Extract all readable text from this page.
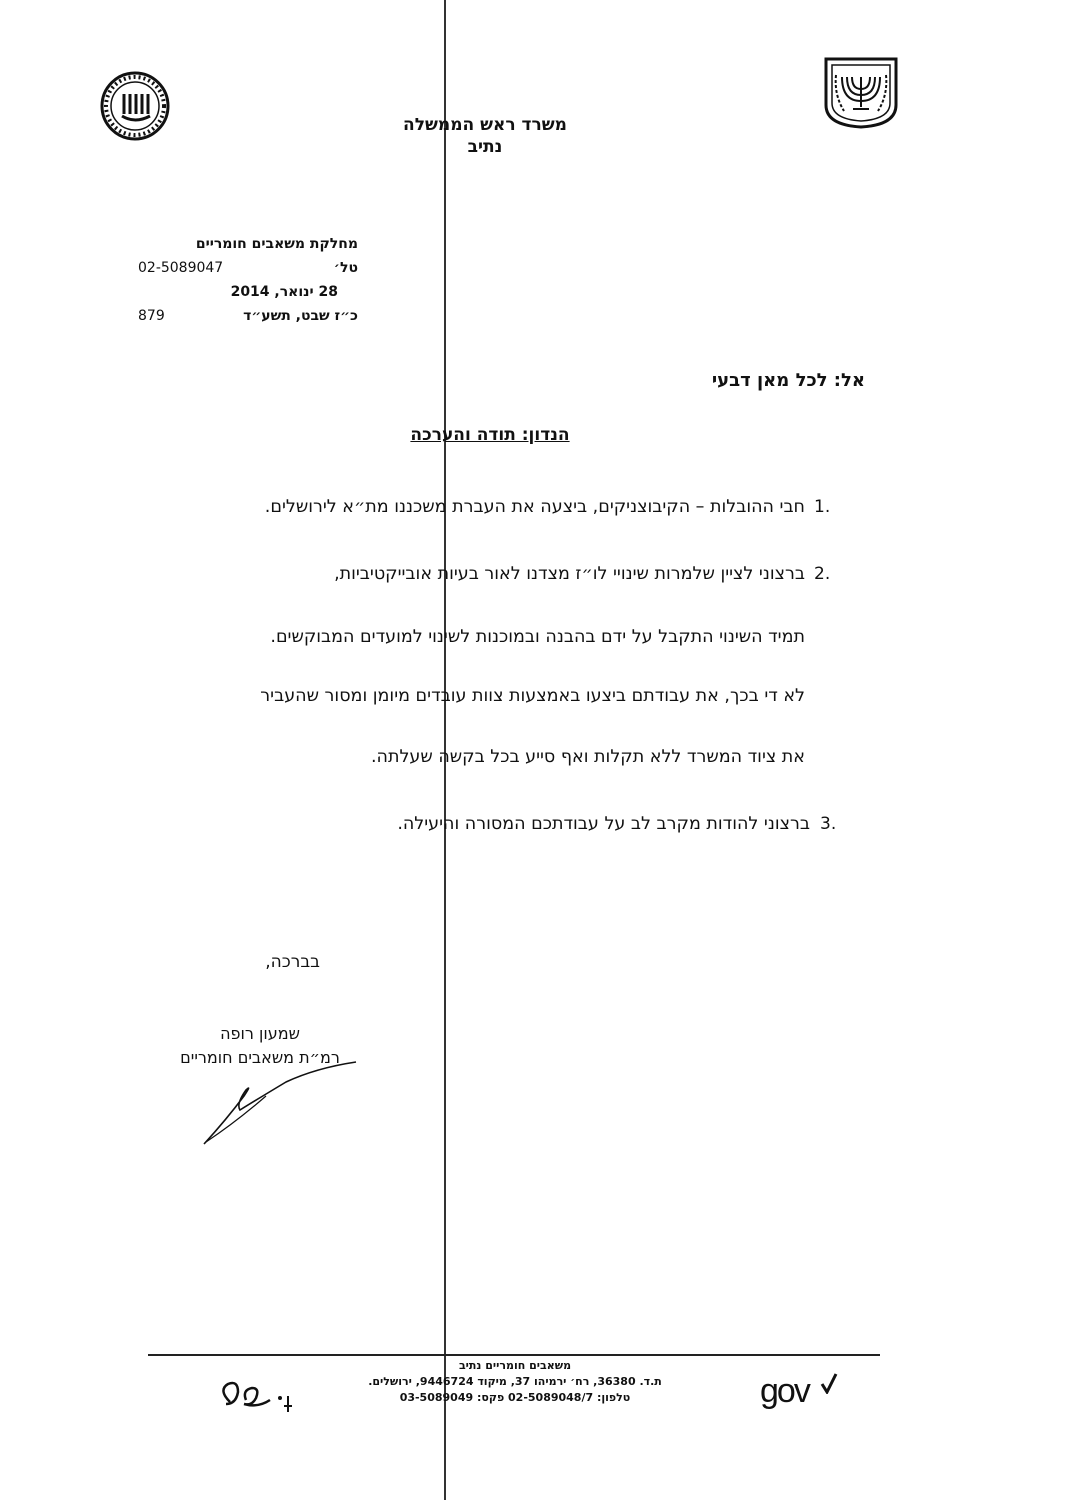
משרד ראש הממשלה
נתיב
מחלקת משאבים חומריים
טל׳
02-5089047
28 ינואר, 2014
כ״ז שבט, תשע״ד
879
אל: לכל מאן דבעי
הנדון: תודה והערכה
1.
חבי ההובלות – הקיבוצניקים, ביצעה את העברת משכננו מת״א לירושלים.
2.
ברצוני לציין שלמרות שינויי לו״ז מצדנו לאור בעיות אובייקטיביות,
תמיד השינוי התקבל על ידם בהבנה ובמוכנות לשינוי למועדים המבוקשים.
לא די בכך, את עבודתם ביצעו באמצעות צוות עובדים מיומן ומסור שהעביר
את ציוד המשרד ללא תקלות ואף סייע בכל בקשה שעלתה.
3.
ברצוני להודות מקרב לב על עבודתכם המסורה והיעילה.
בברכה,
שמעון רופה
רמ״ת משאבים חומריים
משאבים חומריים נתיב
ת.ד. 36380, רח׳ ירמיהו 37, מיקוד 9446724, ירושלים.
טלפון: 02-5089048/7 פקס: 03-5089049	gov
